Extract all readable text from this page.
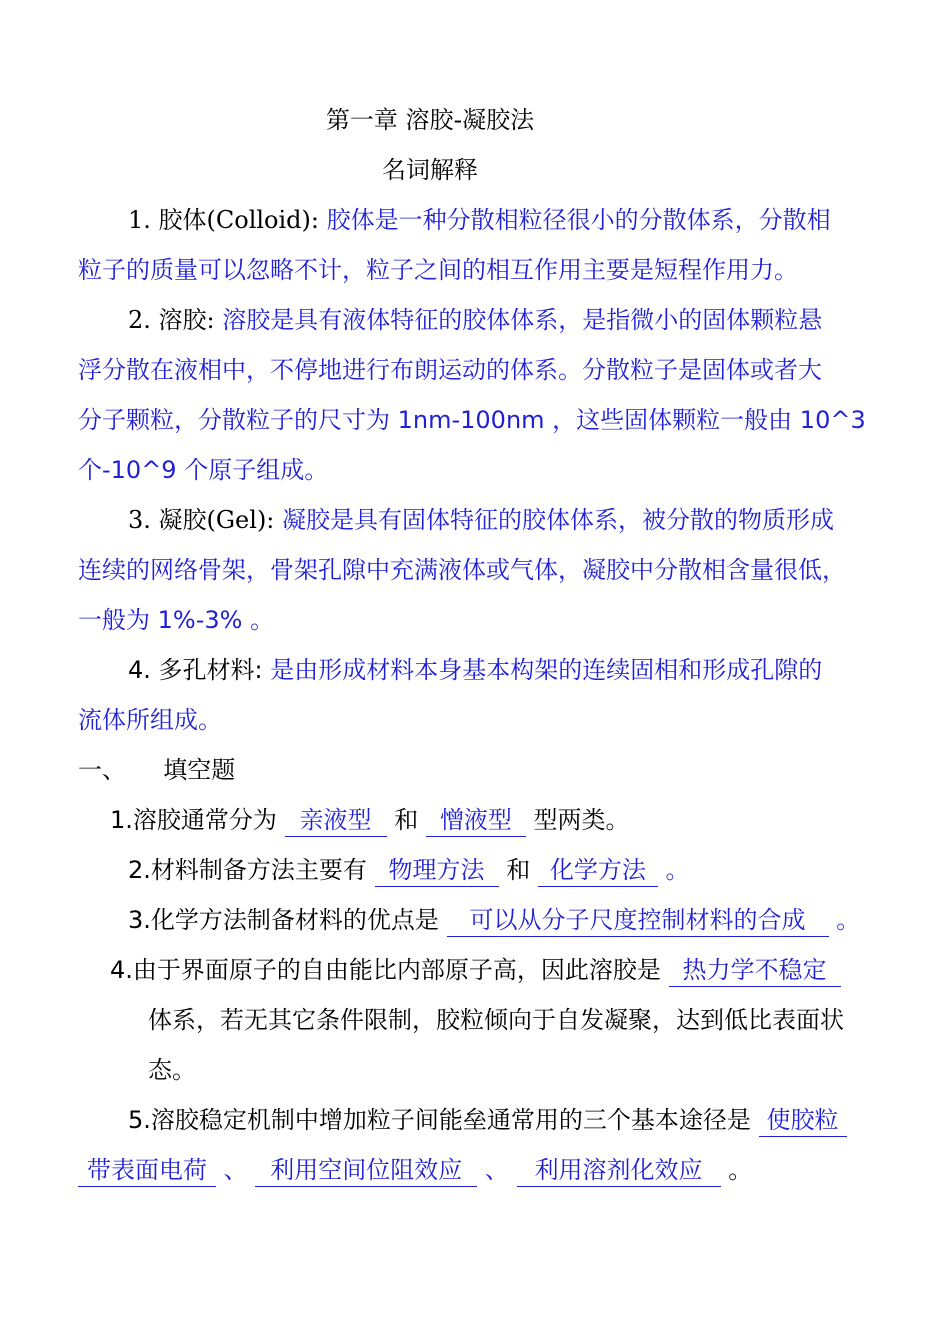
第一章 溶胶-凝胶法
名词解释
1. 胶体(Colloid): 胶体是一种分散相粒径很小的分散体系，分散相
粒子的质量可以忽略不计，粒子之间的相互作用主要是短程作用力。
2. 溶胶: 溶胶是具有液体特征的胶体体系，是指微小的固体颗粒悬
浮分散在液相中，不停地进行布朗运动的体系。分散粒子是固体或者大
分子颗粒，分散粒子的尺寸为 1nm-100nm ，这些固体颗粒一般由 10^3
个-10^9 个原子组成。
3. 凝胶(Gel): 凝胶是具有固体特征的胶体体系，被分散的物质形成
连续的网络骨架，骨架孔隙中充满液体或气体，凝胶中分散相含量很低，
一般为 1%-3% 。
4. 多孔材料: 是由形成材料本身基本构架的连续固相和形成孔隙的
流体所组成。
一、 填空题
1.溶胶通常分为 亲液型 和 憎液型 型两类。
2.材料制备方法主要有 物理方法 和 化学方法 。
3.化学方法制备材料的优点是 可以从分子尺度控制材料的合成 。
4.由于界面原子的自由能比内部原子高，因此溶胶是 热力学不稳定
体系，若无其它条件限制，胶粒倾向于自发凝聚，达到低比表面状
态。
5.溶胶稳定机制中增加粒子间能垒通常用的三个基本途径是 使胶粒
带表面电荷 、 利用空间位阻效应 、 利用溶剂化效应 。
